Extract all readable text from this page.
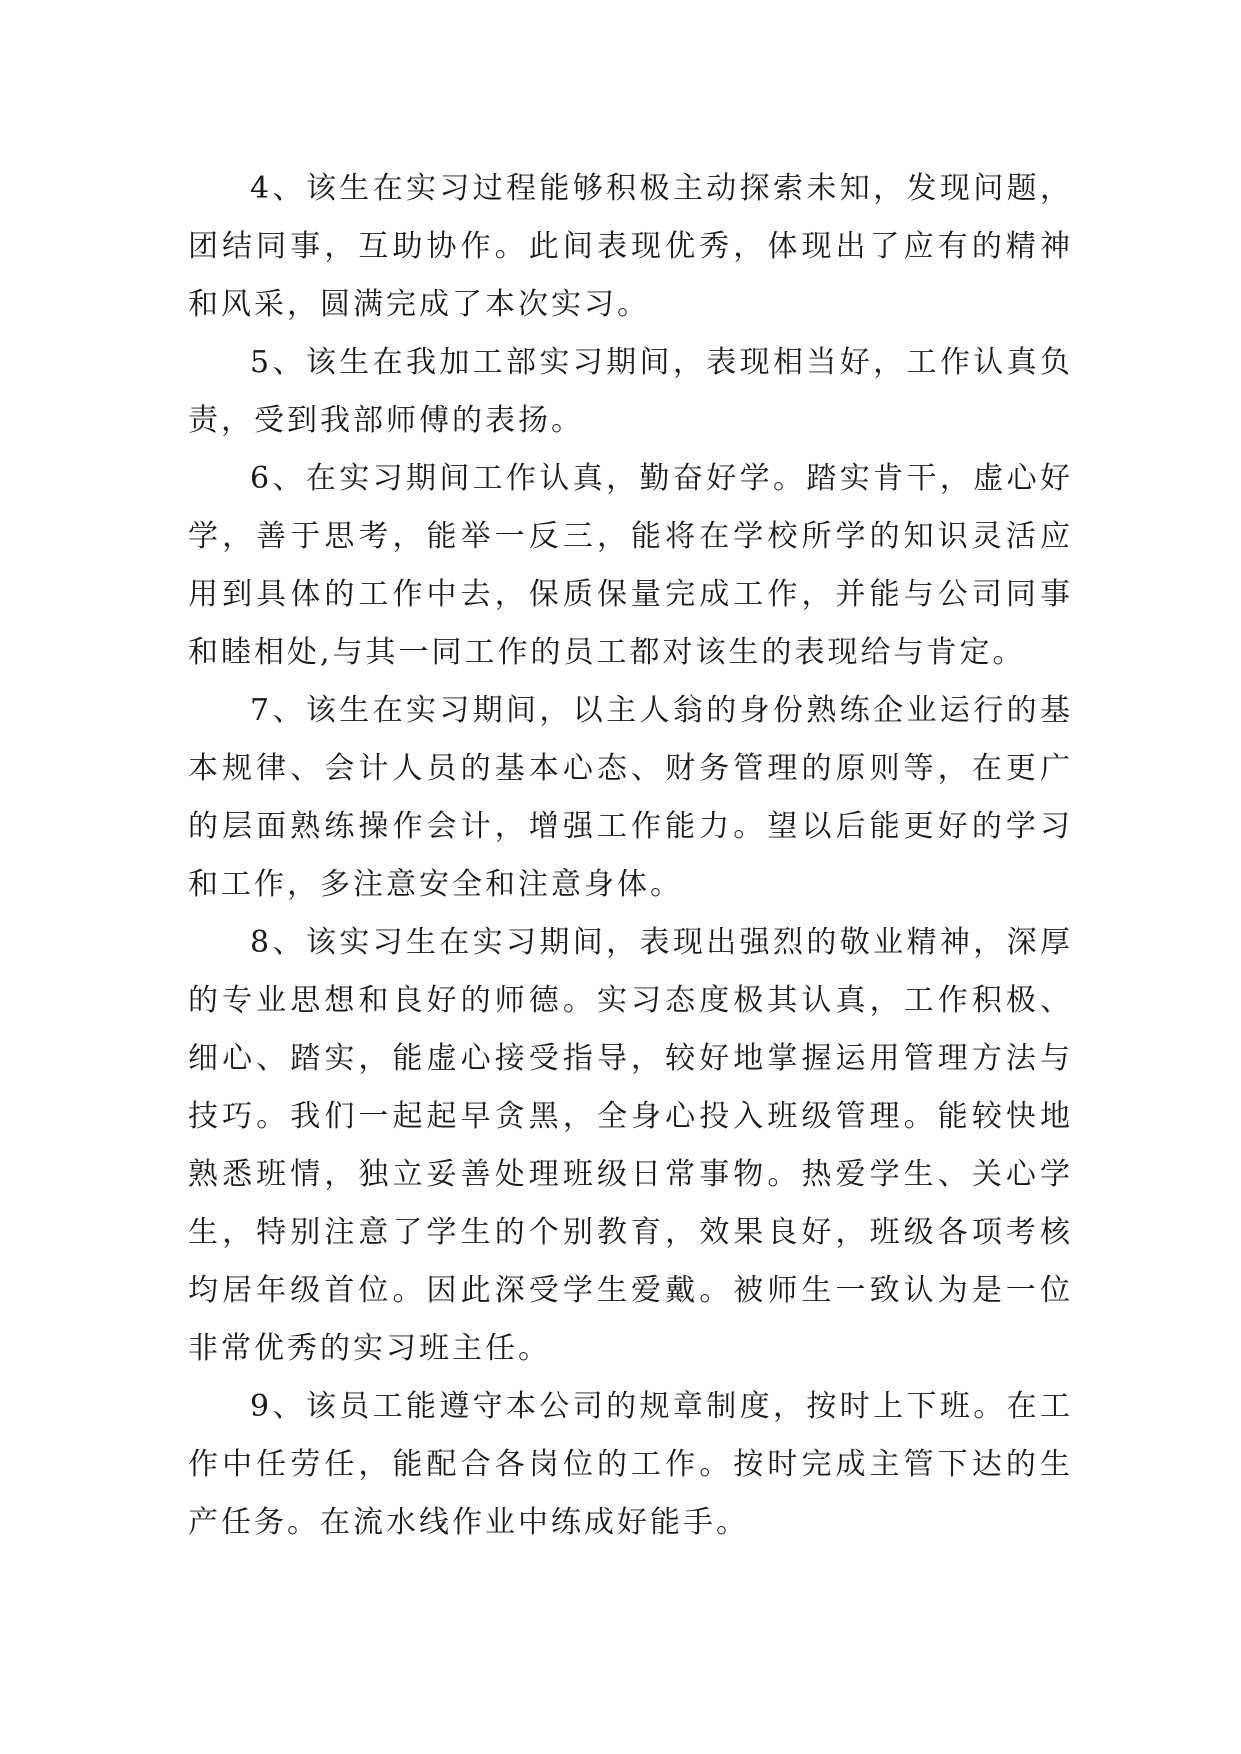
4、该生在实习过程能够积极主动探索未知，发现问题，团结同事，互助协作。此间表现优秀，体现出了应有的精神和风采，圆满完成了本次实习。

5、该生在我加工部实习期间，表现相当好，工作认真负责，受到我部师傅的表扬。

6、在实习期间工作认真，勤奋好学。踏实肯干，虚心好学，善于思考，能举一反三，能将在学校所学的知识灵活应用到具体的工作中去，保质保量完成工作，并能与公司同事和睦相处,与其一同工作的员工都对该生的表现给与肯定。

7、该生在实习期间，以主人翁的身份熟练企业运行的基本规律、会计人员的基本心态、财务管理的原则等，在更广的层面熟练操作会计，增强工作能力。望以后能更好的学习和工作，多注意安全和注意身体。

8、该实习生在实习期间，表现出强烈的敬业精神，深厚的专业思想和良好的师德。实习态度极其认真，工作积极、细心、踏实，能虚心接受指导，较好地掌握运用管理方法与技巧。我们一起起早贪黑，全身心投入班级管理。能较快地熟悉班情，独立妥善处理班级日常事物。热爱学生、关心学生，特别注意了学生的个别教育，效果良好，班级各项考核均居年级首位。因此深受学生爱戴。被师生一致认为是一位非常优秀的实习班主任。

9、该员工能遵守本公司的规章制度，按时上下班。在工作中任劳任，能配合各岗位的工作。按时完成主管下达的生产任务。在流水线作业中练成好能手。
